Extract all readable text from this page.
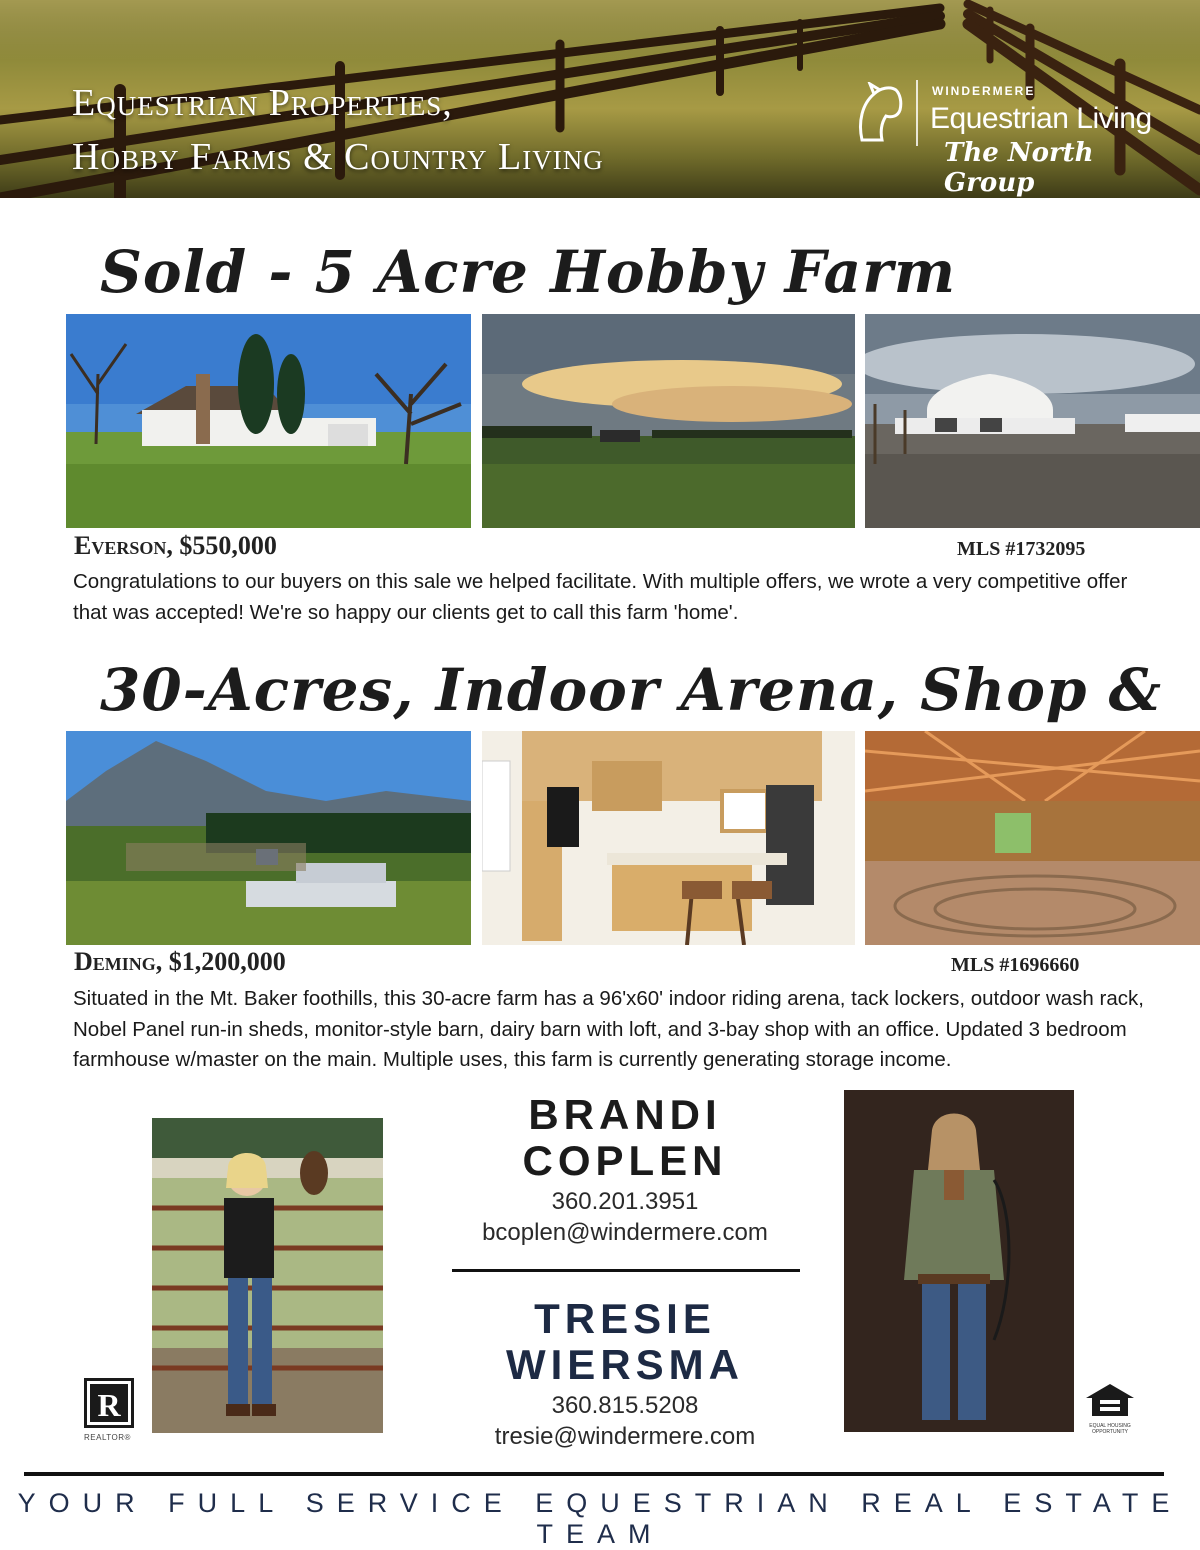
Equestrian Properties,
Hobby Farms & Country Living
WINDERMERE
Equestrian Living
The North Group
Sold - 5 Acre Hobby Farm
Everson, $550,000	MLS #1732095
Congratulations to our buyers on this sale we helped facilitate. With multiple offers, we wrote a very competitive offer that was accepted! We're so happy our clients get to call this farm 'home'.
30-Acres, Indoor Arena, Shop &
Deming, $1,200,000	MLS #1696660
Situated in the Mt. Baker foothills, this 30-acre farm has a 96'x60' indoor riding arena, tack lockers, outdoor wash rack, Nobel Panel run-in sheds, monitor-style barn, dairy barn with loft, and 3-bay shop with an office. Updated 3 bedroom farmhouse w/master on the main. Multiple uses, this farm is currently generating storage income.
BRANDI
COPLEN
360.201.3951
bcoplen@windermere.com
TRESIE
WIERSMA
360.815.5208
tresie@windermere.com
R
REALTOR®
EQUAL HOUSING OPPORTUNITY
YOUR FULL SERVICE EQUESTRIAN REAL ESTATE TEAM
